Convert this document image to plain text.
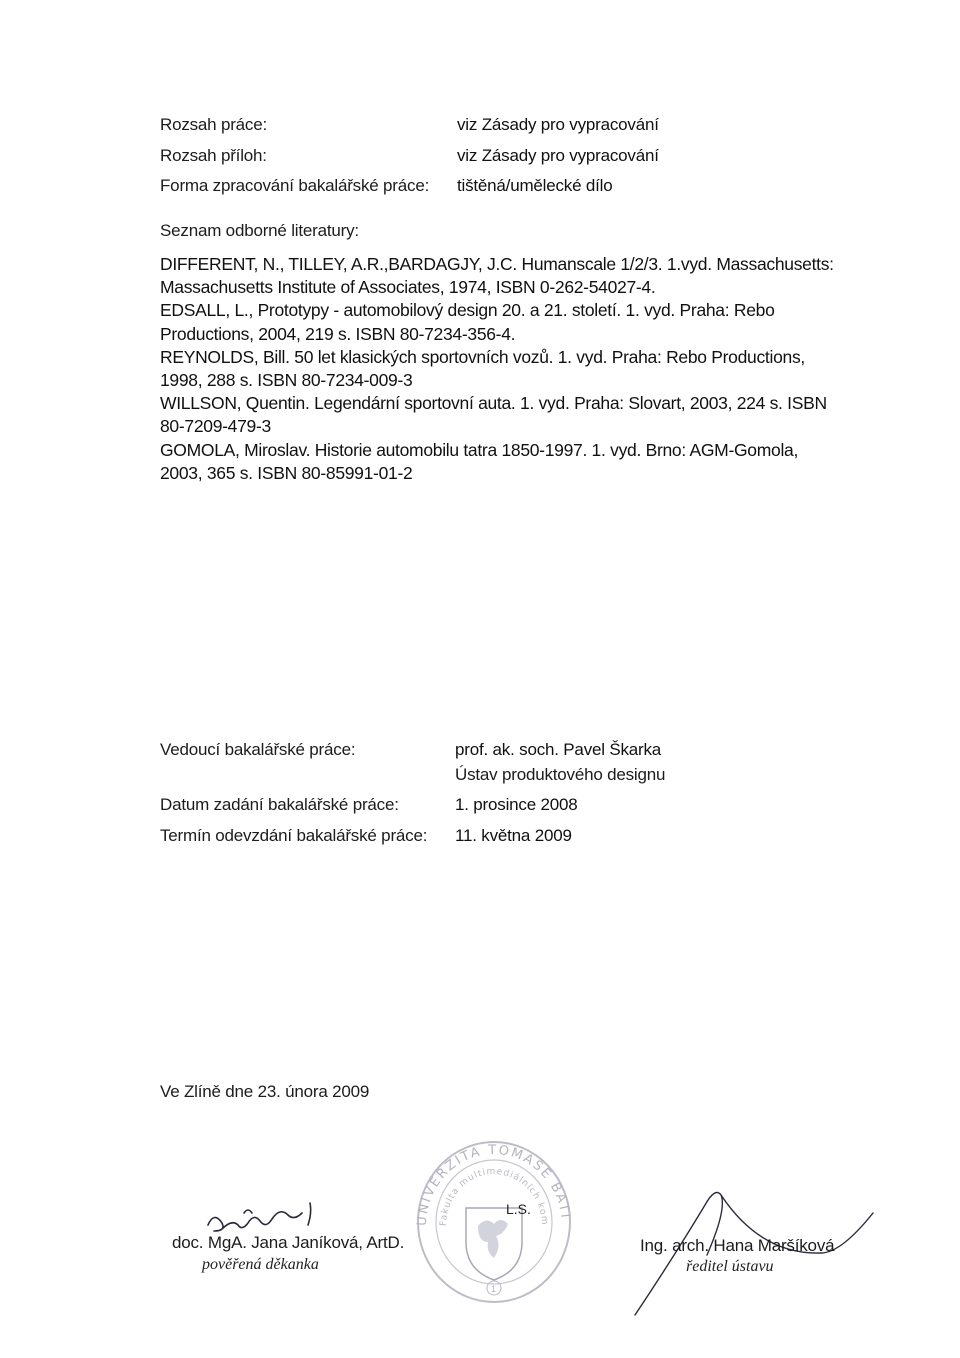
Rozsah práce:	viz Zásady pro vypracování
Rozsah příloh:	viz Zásady pro vypracování
Forma zpracování bakalářské práce: tištěná/umělecké dílo
Seznam odborné literatury:
DIFFERENT, N., TILLEY, A.R.,BARDAGJY, J.C. Humanscale 1/2/3. 1.vyd. Massachusetts:
Massachusetts Institute of Associates, 1974, ISBN 0-262-54027-4.
EDSALL, L., Prototypy - automobilový design 20. a 21. století. 1. vyd. Praha: Rebo
Productions, 2004, 219 s. ISBN 80-7234-356-4.
REYNOLDS, Bill. 50 let klasických sportovních vozů. 1. vyd. Praha: Rebo Productions,
1998, 288 s. ISBN 80-7234-009-3
WILLSON, Quentin. Legendární sportovní auta. 1. vyd. Praha: Slovart, 2003, 224 s. ISBN
80-7209-479-3
GOMOLA, Miroslav. Historie automobilu tatra 1850-1997. 1. vyd. Brno: AGM-Gomola,
2003, 365 s. ISBN 80-85991-01-2
Vedoucí bakalářské práce:	prof. ak. soch. Pavel Škarka
Ústav produktového designu
Datum zadání bakalářské práce:	1. prosince 2008
Termín odevzdání bakalářské práce: 11. května 2009
Ve Zlíně dne 23. února 2009
doc. MgA. Jana Janíková, ArtD.
pověřená děkanka
UNIVERZITA TOMÁŠE BATI
Fakulta multimediálních kom
L.S.
1
Ing. arch. Hana Maršíková
ředitel ústavu
